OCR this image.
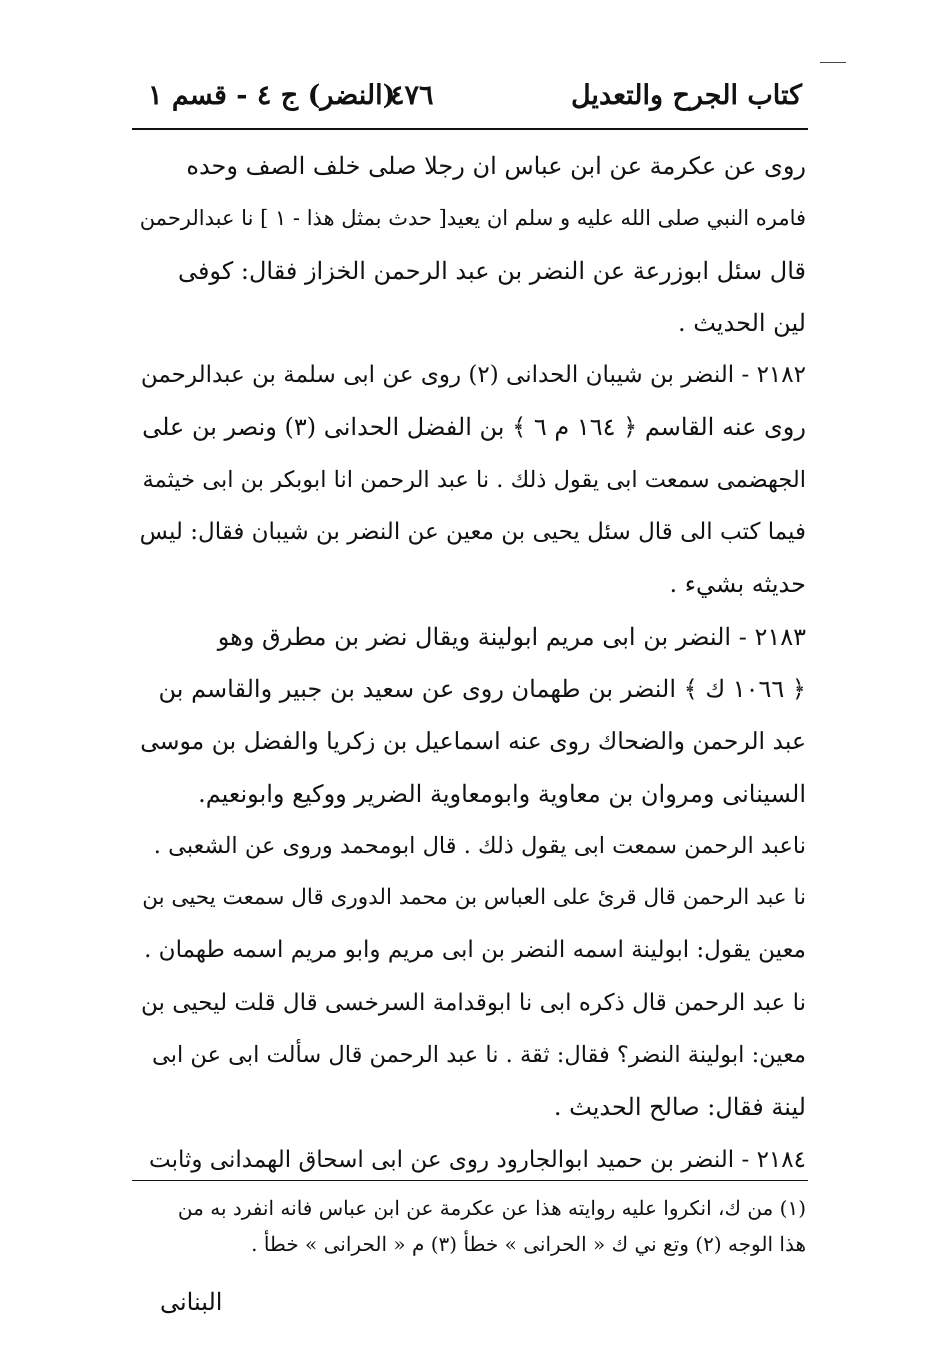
كتاب الجرح والتعديل
٤٧٦
(النضر) ج ٤ - قسم ١
روى عن عكرمة عن ابن عباس ان رجلا صلى خلف الصف وحده
فامره النبي صلى الله عليه و سلم ان يعيد[ حدث بمثل هذا - ١ ] نا عبدالرحمن
قال سئل ابوزرعة عن النضر بن عبد الرحمن الخزاز فقال: كوفى
لين الحديث .
٢١٨٢ - النضر بن شيبان الحدانى (٢) روى عن ابى سلمة بن عبدالرحمن
روى عنه القاسم ﴿ ١٦٤ م ٦ ﴾ بن الفضل الحدانى (٣) ونصر بن على
الجهضمى سمعت ابى يقول ذلك . نا عبد الرحمن انا ابوبكر بن ابى خيثمة
فيما كتب الى قال سئل يحيى بن معين عن النضر بن شيبان فقال: ليس
حديثه بشيء .
٢١٨٣ - النضر بن ابى مريم ابولينة ويقال نضر بن مطرق وهو
﴿ ١٠٦٦ ك ﴾ النضر بن طهمان روى عن سعيد بن جبير والقاسم بن
عبد الرحمن والضحاك روى عنه اسماعيل بن زكريا والفضل بن موسى
السينانى ومروان بن معاوية وابومعاوية الضرير ووكيع وابونعيم.
ناعبد الرحمن سمعت ابى يقول ذلك . قال ابومحمد وروى عن الشعبى .
نا عبد الرحمن قال قرئ على العباس بن محمد الدورى قال سمعت يحيى بن
معين يقول: ابولينة اسمه النضر بن ابى مريم وابو مريم اسمه طهمان .
نا عبد الرحمن قال ذكره ابى نا ابوقدامة السرخسى قال قلت ليحيى بن
معين: ابولينة النضر؟ فقال: ثقة . نا عبد الرحمن قال سألت ابى عن ابى
لينة فقال: صالح الحديث .
٢١٨٤ - النضر بن حميد ابوالجارود روى عن ابى اسحاق الهمدانى وثابت
(١) من ك، انكروا عليه روايته هذا عن عكرمة عن ابن عباس فانه انفرد به من
هذا الوجه (٢) وتع ني ك « الحرانى » خطأ (٣) م « الحرانى » خطأ .
البنانى
